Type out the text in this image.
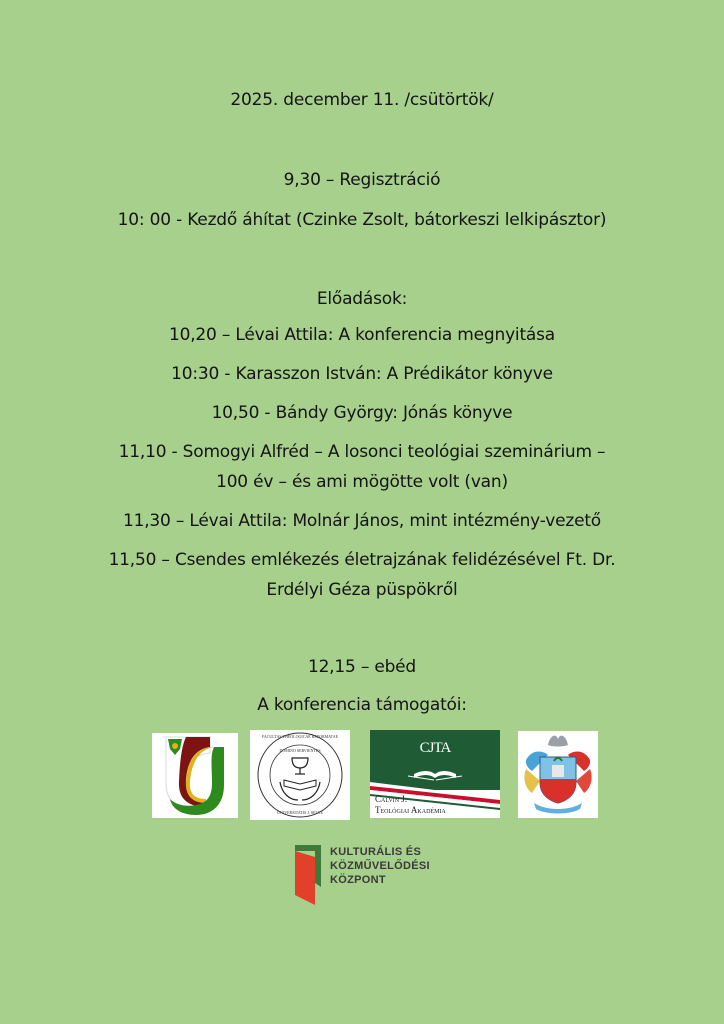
2025. december 11. /csütörtök/
9,30 – Regisztráció
10: 00 - Kezdő áhítat (Czinke Zsolt, bátorkeszi lelkipásztor)
Előadások:
10,20 – Lévai Attila: A konferencia megnyitása
10:30 - Karasszon István: A Prédikátor könyve
10,50 - Bándy György: Jónás könyve
11,10 - Somogyi Alfréd – A losonci teológiai szeminárium –
100 év – és ami mögötte volt (van)
11,30 – Lévai Attila: Molnár János, mint intézmény-vezető
11,50 – Csendes emlékezés életrajzának felidézésével Ft. Dr.
Erdélyi Géza püspökről
12,15 – ebéd
A konferencia támogatói:
FACULTAS THEOLOGICAE REFORMATAE
DOMINO SERVIENTES
UNIVERSITATIS J. SELYE
CJTA
Calvin J.
Teológiai Akadémia
KULTURÁLIS ÉS
KÖZMŰVELŐDÉSI
KÖZPONT
